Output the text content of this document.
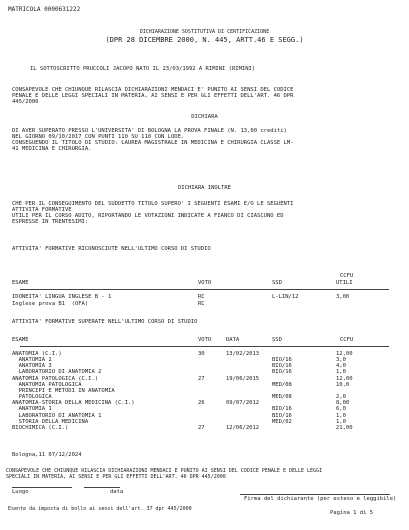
MATRICOLA 0000631222
DICHIARAZIONE SOSTITUTIVA DI CERTIFICAZIONE
(DPR 28 DICEMBRE 2000, N. 445, ARTT.46 E SEGG.)
IL SOTTOSCRITTO PRUCCOLI JACOPO NATO IL 23/03/1992 A RIMINI (RIMINI)
CONSAPEVOLE CHE CHIUNQUE RILASCIA DICHIARAZIONI MENDACI E' PUNITO AI SENSI DEL CODICE
PENALE E DELLE LEGGI SPECIALI IN MATERIA, AI SENSI E PER GLI EFFETTI DELL'ART. 46 DPR
445/2000
DICHIARA
DI AVER SUPERATO PRESSO L'UNIVERSITA' DI BOLOGNA LA PROVA FINALE (N. 13,00 crediti)
NEL GIORNO 09/10/2017 CON PUNTI 110 SU 110 CON LODE.
CONSEGUENDO IL TITOLO DI STUDIO: LAUREA MAGISTRALE IN MEDICINA E CHIRURGIA CLASSE LM-
41 MEDICINA E CHIRURGIA.
DICHIARA INOLTRE
CHE PER IL CONSEGUIMENTO DEL SUDDETTO TITOLO SUPERO' I SEGUENTI ESAMI E/O LE SEGUENTI
ATTIVITA FORMATIVE
UTILI PER IL CORSO ADITO, RIPORTANDO LE VOTAZIONI INDICATE A FIANCO DI CIASCUNO ED
ESPRESSE IN TRENTESIMI:
ATTIVITA' FORMATIVE RICONOSCIUTE NELL'ULTIMO CORSO DI STUDIO
CCFU
ESAME	VOTO	SSD	UTILI
IDONEITA' LINGUA INGLESE B - 1	RC	L-LIN/12	3,00
Inglese prova B1  (OFA)	RC
ATTIVITA' FORMATIVE SUPERATE NELL'ULTIMO CORSO DI STUDIO
ESAME	VOTO	DATA	SSD	CCFU
ANATOMIA (C.I.)	30	13/02/2013	12,00
ANATOMIA 2	BIO/16	3,0
ANATOMIA 3	BIO/16	4,0
LABORATORIO DI ANATOMIA 2	BIO/16	1,0
ANATOMIA PATOLOGICA (C.I.)	27	19/06/2015	12,00
ANATOMIA PATOLOGICA	MED/08	10,0
PRINCIPI E METODI IN ANATOMIA
PATOLOGICA	MED/08	2,0
ANATOMIA-STORIA DELLA MEDICINA (C.I.)	26	09/07/2012	8,00
ANATOMIA 1	BIO/16	6,0
LABORATORIO DI ANATOMIA 1	BIO/16	1,0
STORIA DELLA MEDICINA	MED/02	1,0
BIOCHIMICA (C.I.)	27	12/06/2012	21,00
Bologna,11 07/12/2024
CONSAPEVOLE CHE CHIUNQUE RILASCIA DICHIARAZIONI MENDACI E PUNITO AI SENSI DEL CODICE PENALE E DELLE LEGGI
SPECIALI IN MATERIA, AI SENSI E PER GLI EFFETTI DELL'ART. 46 DPR 445/2000
Luogo	data
Firma del dichiarante (per esteso e leggibile)
Esente da imposta di bollo ai sensi dell'art. 37 dpr 445/2000
Pagina 1 di 5
